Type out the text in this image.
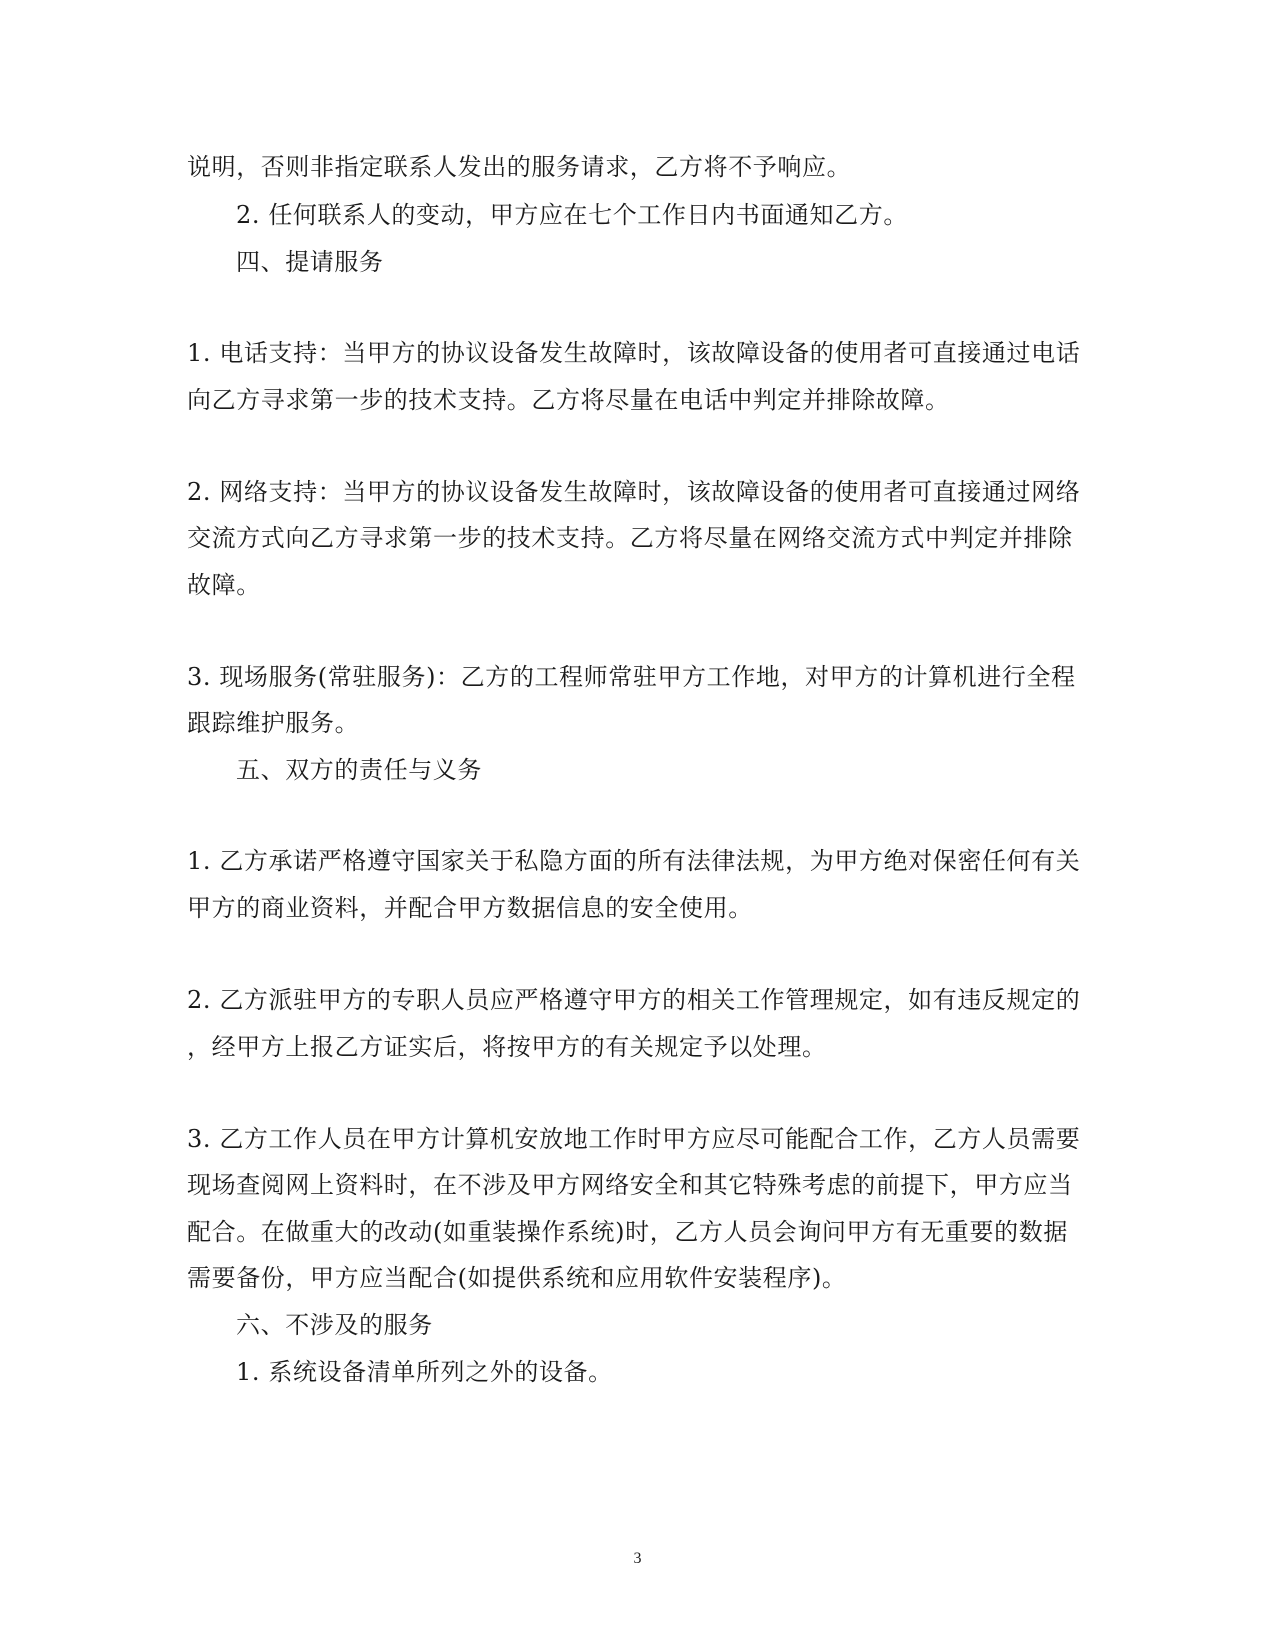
说明，否则非指定联系人发出的服务请求，乙方将不予响应。
2. 任何联系人的变动，甲方应在七个工作日内书面通知乙方。
四、提请服务
1. 电话支持：当甲方的协议设备发生故障时，该故障设备的使用者可直接通过电话
向乙方寻求第一步的技术支持。乙方将尽量在电话中判定并排除故障。
2. 网络支持：当甲方的协议设备发生故障时，该故障设备的使用者可直接通过网络
交流方式向乙方寻求第一步的技术支持。乙方将尽量在网络交流方式中判定并排除
故障。
3. 现场服务(常驻服务)：乙方的工程师常驻甲方工作地，对甲方的计算机进行全程
跟踪维护服务。
五、双方的责任与义务
1. 乙方承诺严格遵守国家关于私隐方面的所有法律法规，为甲方绝对保密任何有关
甲方的商业资料，并配合甲方数据信息的安全使用。
2. 乙方派驻甲方的专职人员应严格遵守甲方的相关工作管理规定，如有违反规定的
，经甲方上报乙方证实后，将按甲方的有关规定予以处理。
3. 乙方工作人员在甲方计算机安放地工作时甲方应尽可能配合工作，乙方人员需要
现场查阅网上资料时，在不涉及甲方网络安全和其它特殊考虑的前提下，甲方应当
配合。在做重大的改动(如重装操作系统)时，乙方人员会询问甲方有无重要的数据
需要备份，甲方应当配合(如提供系统和应用软件安装程序)。
六、不涉及的服务
1. 系统设备清单所列之外的设备。
3
